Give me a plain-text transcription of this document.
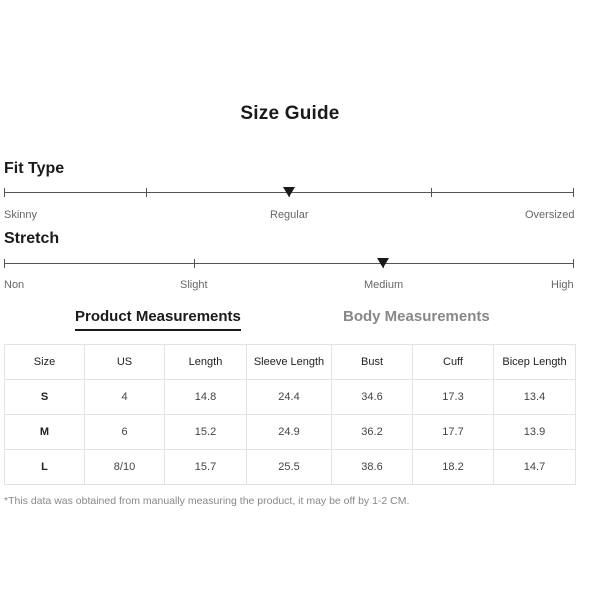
Size Guide
Fit Type
Skinny	Regular	Oversized
Stretch
Non	Slight	Medium	High
Product Measurements	Body Measurements
Size	US	Length	Sleeve Length	Bust	Cuff	Bicep Length
S	4	14.8	24.4	34.6	17.3	13.4
M	6	15.2	24.9	36.2	17.7	13.9
L	8/10	15.7	25.5	38.6	18.2	14.7
*This data was obtained from manually measuring the product, it may be off by 1-2 CM.
